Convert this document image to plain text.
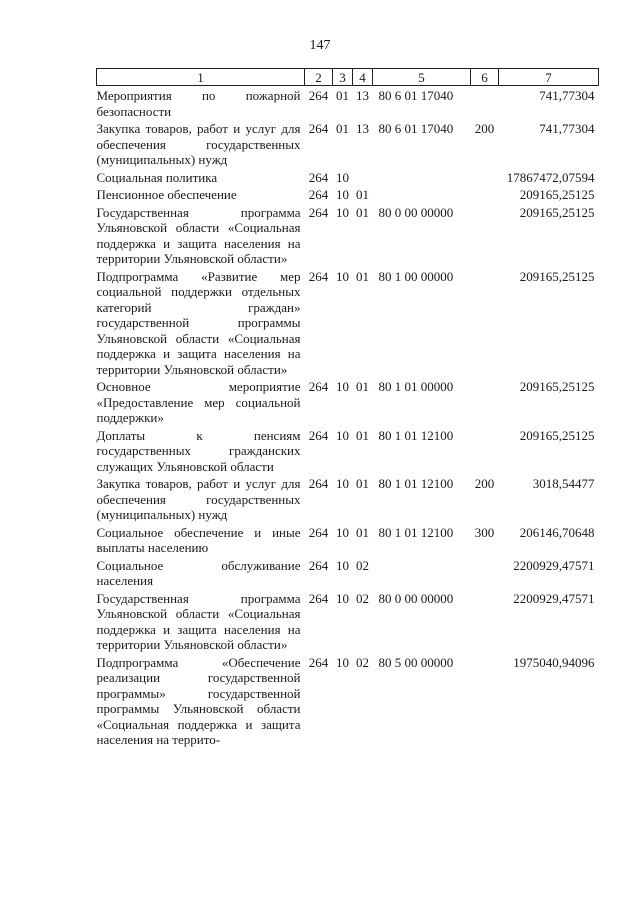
147
1	2	3	4	5	6	7
Мероприятия по пожарной безопасности	264	01	13	80 6 01 17040		741,77304
Закупка товаров, работ и услуг для обеспечения государственных (муниципальных) нужд	264	01	13	80 6 01 17040	200	741,77304
Социальная политика	264	10				17867472,07594
Пенсионное обеспечение	264	10	01			209165,25125
Государственная программа Ульяновской области «Социальная поддержка и защита населения на территории Ульяновской области»	264	10	01	80 0 00 00000		209165,25125
Подпрограмма «Развитие мер социальной поддержки отдельных категорий граждан» государственной программы Ульяновской области «Социальная поддержка и защита населения на территории Ульяновской области»	264	10	01	80 1 00 00000		209165,25125
Основное мероприятие «Предоставление мер социальной поддержки»	264	10	01	80 1 01 00000		209165,25125
Доплаты к пенсиям государственных гражданских служащих Ульяновской области	264	10	01	80 1 01 12100		209165,25125
Закупка товаров, работ и услуг для обеспечения государственных (муниципальных) нужд	264	10	01	80 1 01 12100	200	3018,54477
Социальное обеспечение и иные выплаты населению	264	10	01	80 1 01 12100	300	206146,70648
Социальное обслуживание населения	264	10	02			2200929,47571
Государственная программа Ульяновской области «Социальная поддержка и защита населения на территории Ульяновской области»	264	10	02	80 0 00 00000		2200929,47571
Подпрограмма «Обеспечение реализации государственной программы» государственной программы Ульяновской области «Социальная поддержка и защита населения на террито-	264	10	02	80 5 00 00000		1975040,94096
